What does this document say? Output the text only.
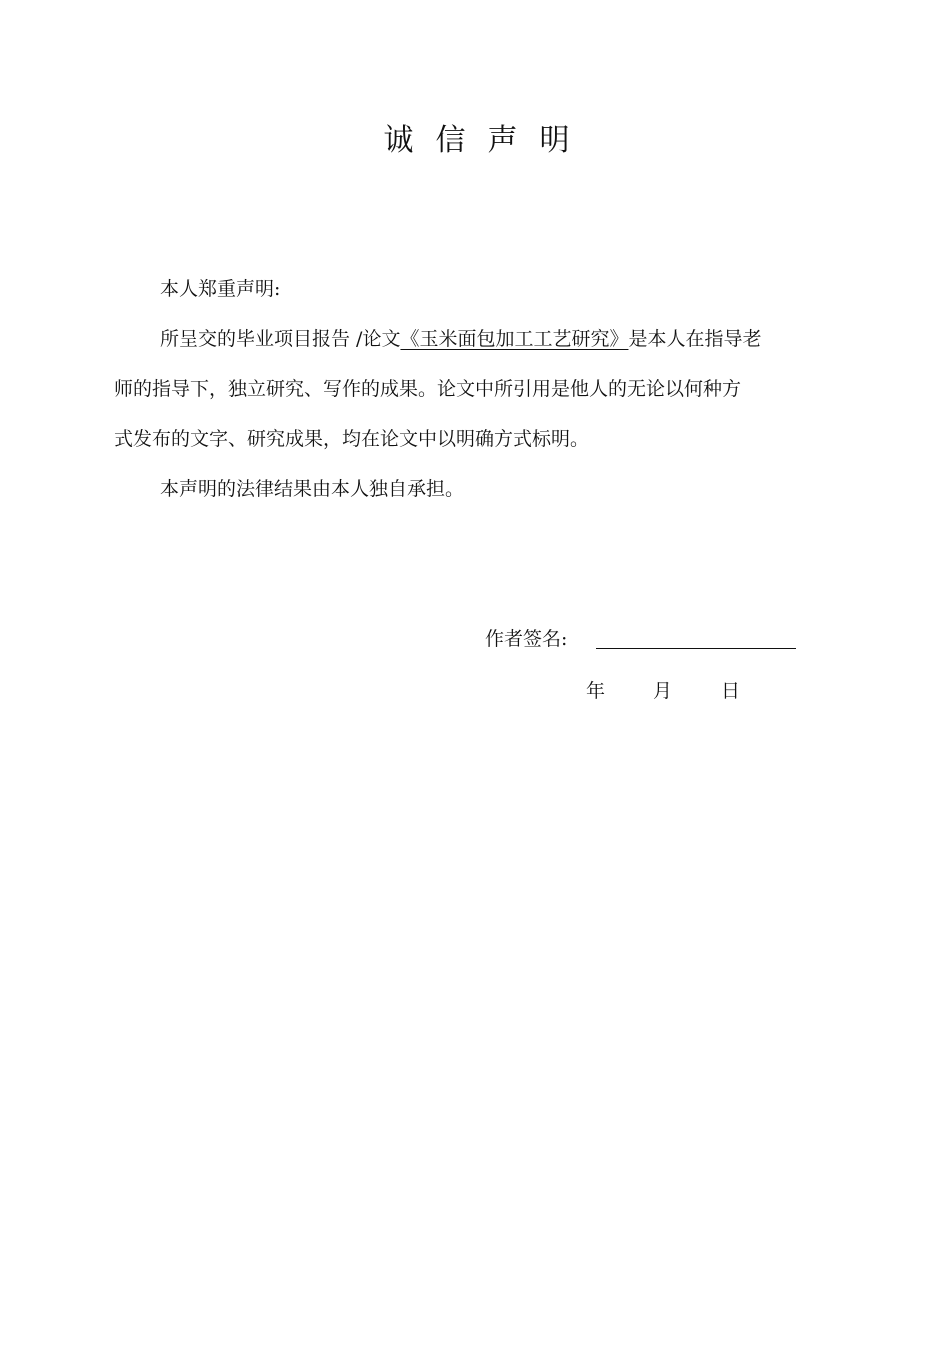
诚信声明
本人郑重声明:
所呈交的毕业项目报告 /论文《玉米面包加工工艺研究》是本人在指导老
师的指导下，独立研究、写作的成果。论文中所引用是他人的无论以何种方
式发布的文字、研究成果，均在论文中以明确方式标明。
本声明的法律结果由本人独自承担。
作者签名:
年	月	日
